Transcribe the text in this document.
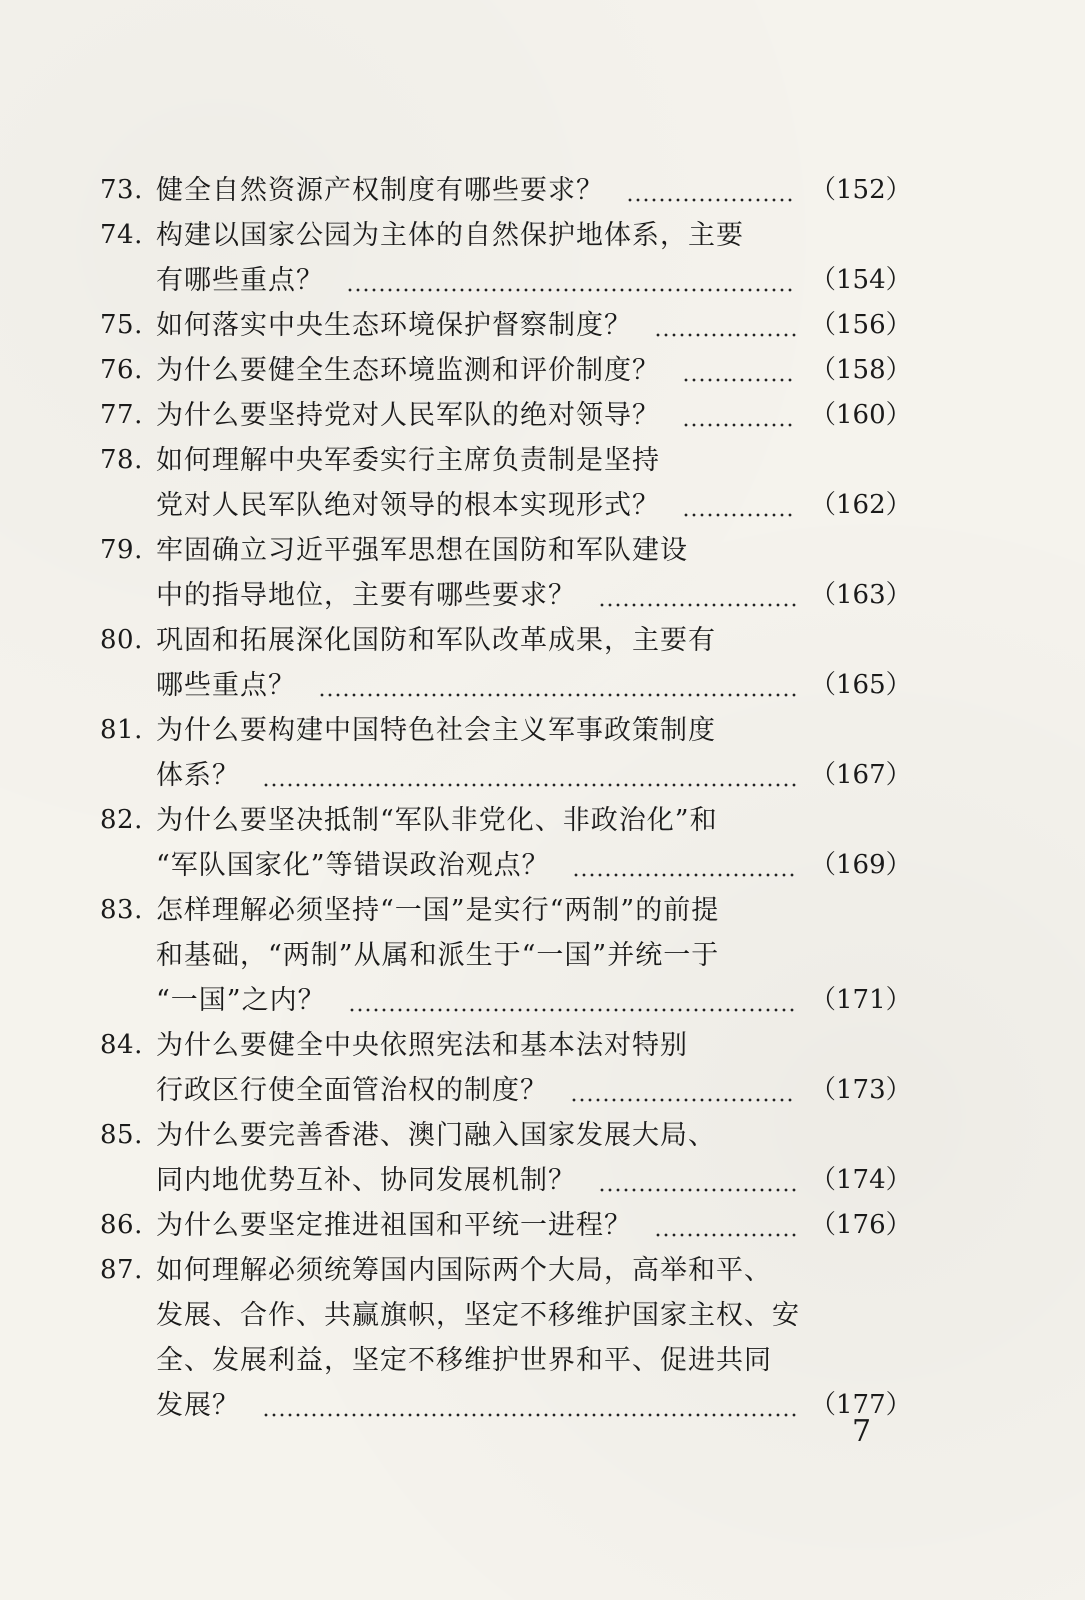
73. 健全自然资源产权制度有哪些要求？	（152）
74. 构建以国家公园为主体的自然保护地体系，主要
有哪些重点？	（154）
75. 如何落实中央生态环境保护督察制度？	（156）
76. 为什么要健全生态环境监测和评价制度？	（158）
77. 为什么要坚持党对人民军队的绝对领导？	（160）
78. 如何理解中央军委实行主席负责制是坚持
党对人民军队绝对领导的根本实现形式？	（162）
79. 牢固确立习近平强军思想在国防和军队建设
中的指导地位，主要有哪些要求？	（163）
80. 巩固和拓展深化国防和军队改革成果，主要有
哪些重点？	（165）
81. 为什么要构建中国特色社会主义军事政策制度
体系？	（167）
82. 为什么要坚决抵制“军队非党化、非政治化”和
“军队国家化”等错误政治观点？	（169）
83. 怎样理解必须坚持“一国”是实行“两制”的前提
和基础，“两制”从属和派生于“一国”并统一于
“一国”之内？	（171）
84. 为什么要健全中央依照宪法和基本法对特别
行政区行使全面管治权的制度？	（173）
85. 为什么要完善香港、澳门融入国家发展大局、
同内地优势互补、协同发展机制？	（174）
86. 为什么要坚定推进祖国和平统一进程？	（176）
87. 如何理解必须统筹国内国际两个大局，高举和平、
发展、合作、共赢旗帜，坚定不移维护国家主权、安
全、发展利益，坚定不移维护世界和平、促进共同
发展？	（177）
7
